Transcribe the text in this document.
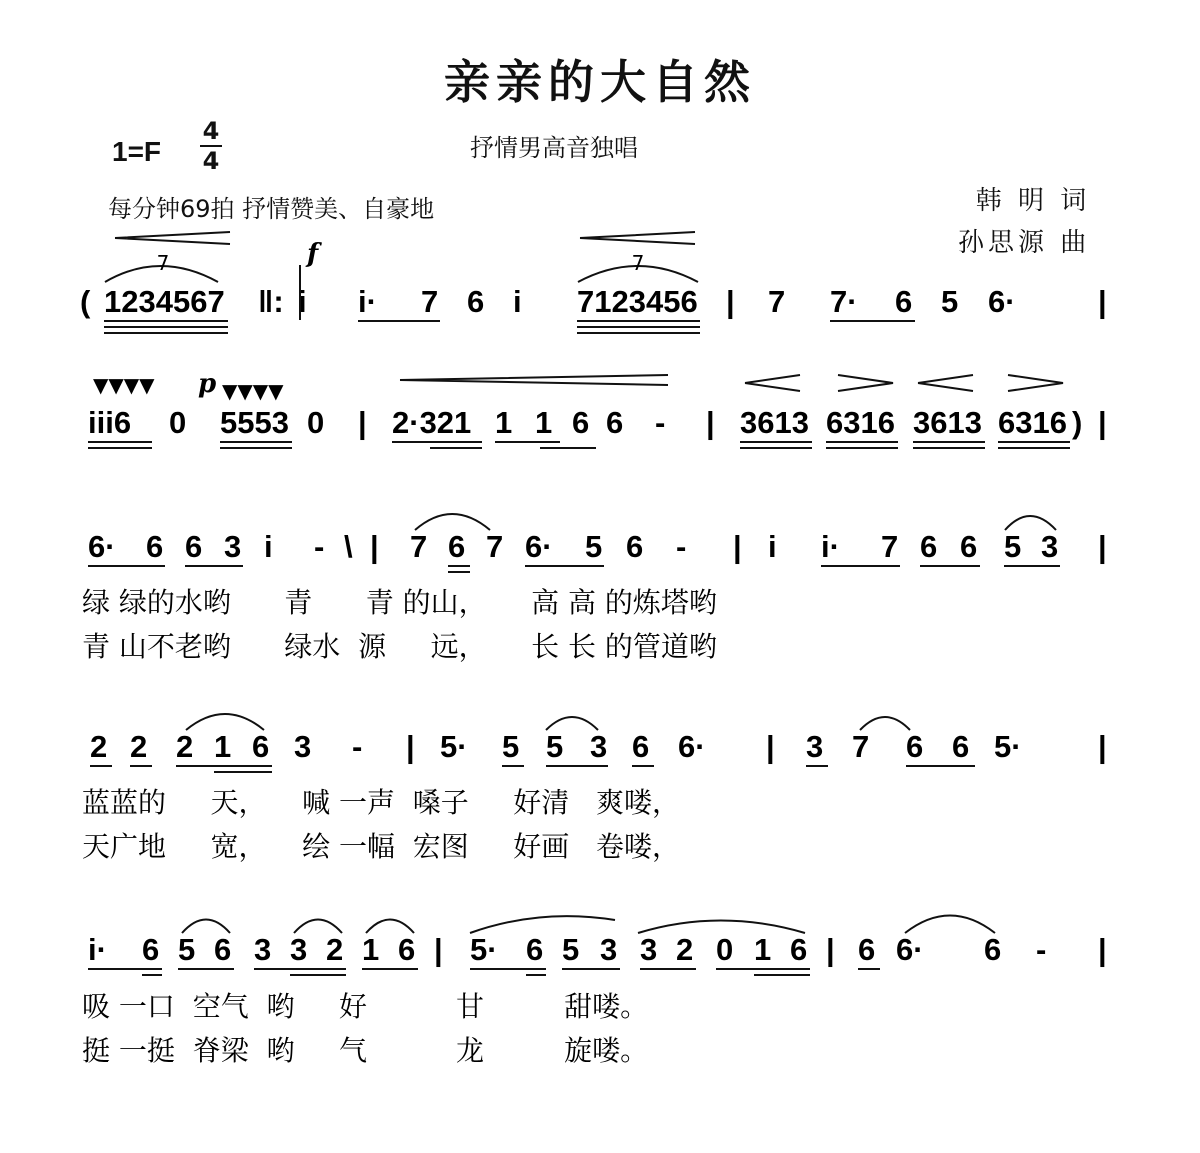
亲亲的大自然
1=F
4
4	抒情男高音独唱
每分钟69拍 抒情赞美、自豪地	韩 明 词
孙思源 曲
7	7
f
( 1234567 ‖: i i· 7 6 i 7123456 | 7 7· 6 5 6·	|
▼▼▼▼ p ▼▼▼▼
iii6 0 5553 0 | 2·321 1 1 6 6 - | 3613 6316 3613 6316 ) |
6· 6 6 3 i - \ | 7 6 7 6· 5 6 - | i i· 7 6 6 5 3 |
绿 绿的水哟      青      青 的山，     高 高 的炼塔哟
青 山不老哟      绿水  源     远，     长 长 的管道哟
2 2 2 1 6 3 - | 5· 5 5 3 6 6· | 3 7 6 6 5· |
蓝蓝的     天，    喊 一声  嗓子     好清   爽喽，
天广地     宽，    绘 一幅  宏图     好画   卷喽，
i· 6 5 6 3 3 2 1 6 | 5· 6 5 3 3 2 0 1 6 | 6 6· 6 - |
吸 一口  空气  哟     好          甘         甜喽。
挺 一挺  脊梁  哟     气          龙         旋喽。
